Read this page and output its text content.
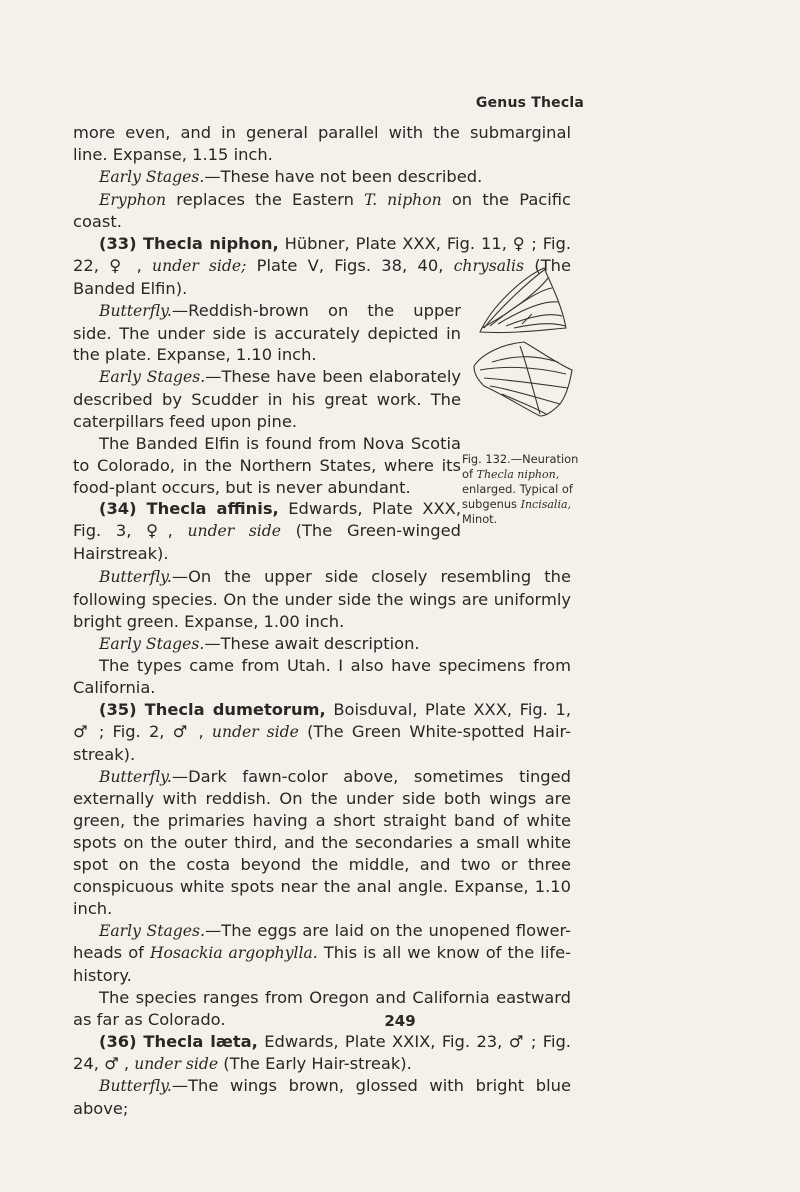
Genus Thecla

more even, and in general parallel with the submarginal line. Expanse, 1.15 inch.

Early Stages.—These have not been described.

Eryphon replaces the Eastern T. niphon on the Pacific coast.

(33) Thecla niphon, Hübner, Plate XXX, Fig. 11, ♀ ; Fig. 22, ♀ , under side; Plate V, Figs. 38, 40, chrysalis (The Banded Elfin).

Butterfly.—Reddish-brown on the upper side. The under side is accurately depicted in the plate. Expanse, 1.10 inch.

Early Stages.—These have been elaborately described by Scudder in his great work. The caterpillars feed upon pine.

The Banded Elfin is found from Nova Scotia to Colorado, in the Northern States, where its food-plant occurs, but is never abundant.

(34) Thecla affinis, Edwards, Plate XXX, Fig. 3, ♀, under side (The Green-winged Hairstreak).

Butterfly.—On the upper side closely resembling the following species. On the under side the wings are uniformly bright green. Expanse, 1.00 inch.

Early Stages.—These await description.

The types came from Utah. I also have specimens from California.

(35) Thecla dumetorum, Boisduval, Plate XXX, Fig. 1, ♂ ; Fig. 2, ♂ , under side (The Green White-spotted Hair-streak).

Butterfly.—Dark fawn-color above, sometimes tinged externally with reddish. On the under side both wings are green, the primaries having a short straight band of white spots on the outer third, and the secondaries a small white spot on the costa beyond the middle, and two or three conspicuous white spots near the anal angle. Expanse, 1.10 inch.

Early Stages.—The eggs are laid on the unopened flower-heads of Hosackia argophylla. This is all we know of the life-history.

The species ranges from Oregon and California eastward as far as Colorado.

(36) Thecla læta, Edwards, Plate XXIX, Fig. 23, ♂ ; Fig. 24, ♂ , under side (The Early Hair-streak).

Butterfly.—The wings brown, glossed with bright blue above;

Fig. 132.—Neuration of Thecla niphon, enlarged. Typical of subgenus Incisalia, Minot.
249
